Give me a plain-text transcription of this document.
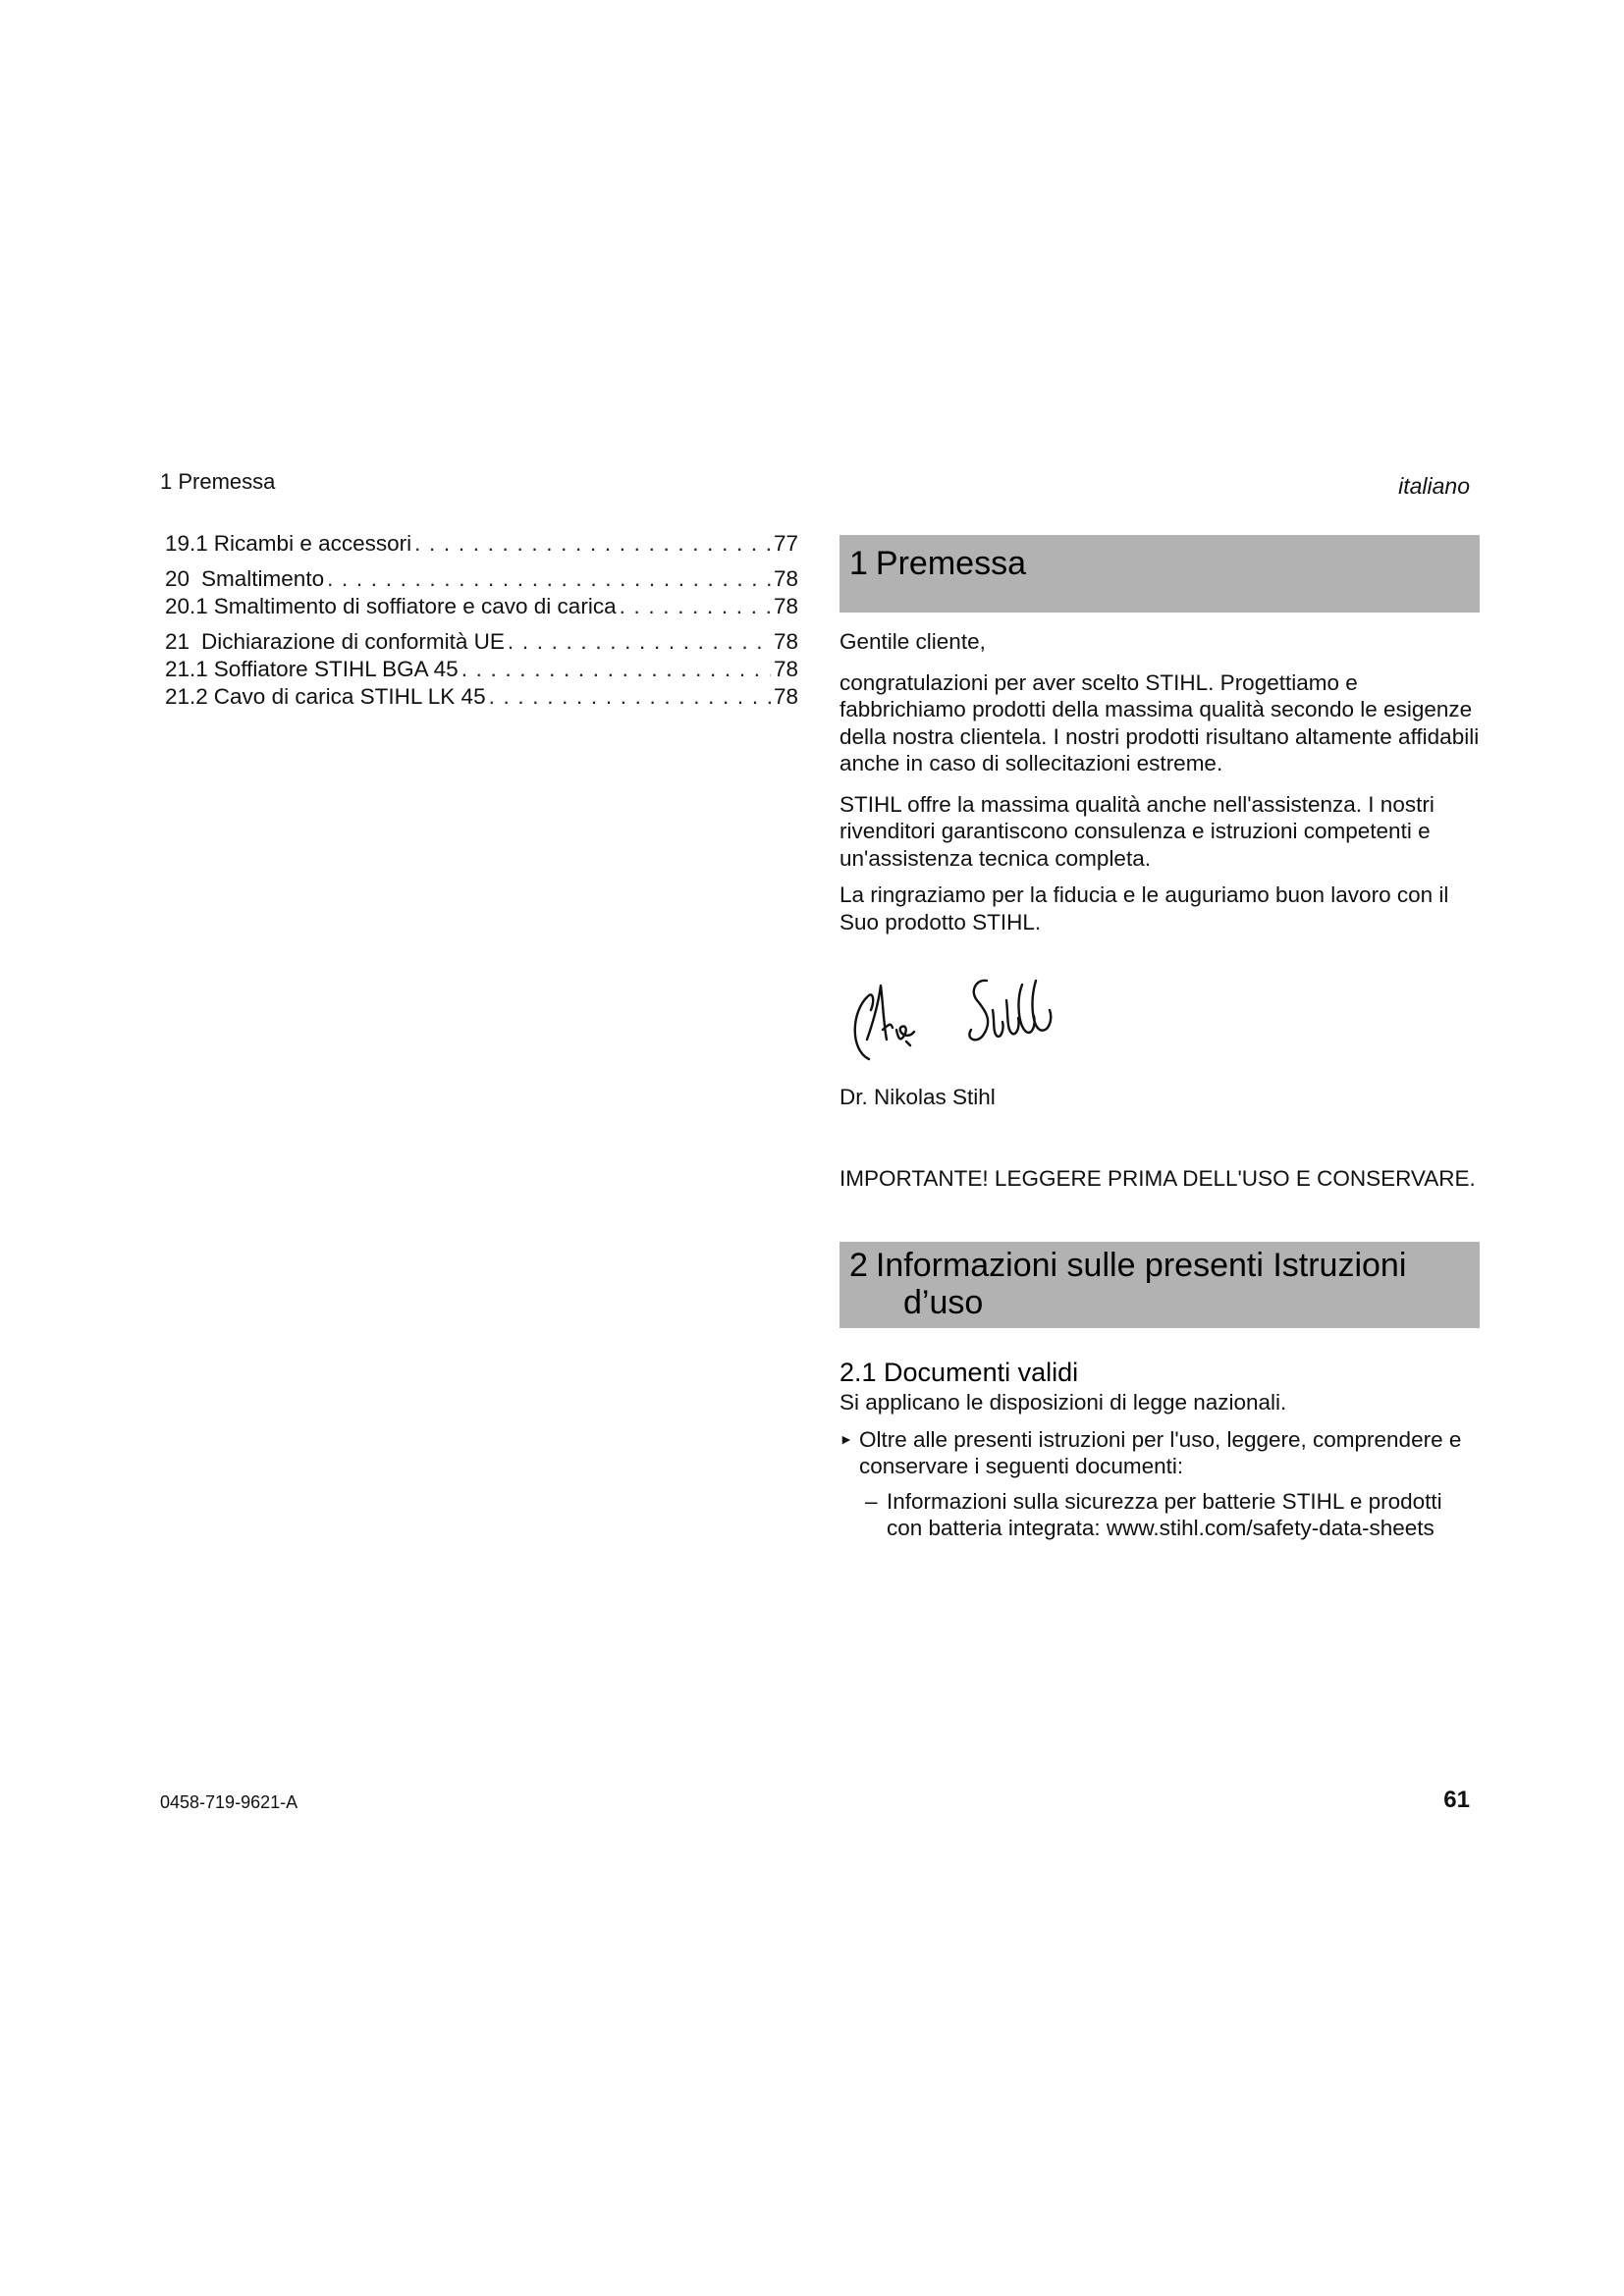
1 Premessa	italiano
19.1 Ricambi e accessori . . .	77
20 Smaltimento . . .	78
20.1 Smaltimento di soffiatore e cavo di carica . . .	78
21 Dichiarazione di conformità UE . . .	78
21.1 Soffiatore STIHL BGA 45 . . .	78
21.2 Cavo di carica STIHL LK 45 . . .	78
1 Premessa

Gentile cliente,

congratulazioni per aver scelto STIHL. Progettiamo e fabbrichiamo prodotti della massima qualità secondo le esigenze della nostra clientela. I nostri prodotti risultano altamente affidabili anche in caso di sollecitazioni estreme.

STIHL offre la massima qualità anche nell'assistenza. I nostri rivenditori garantiscono consulenza e istruzioni competenti e un'assistenza tecnica completa.

La ringraziamo per la fiducia e le auguriamo buon lavoro con il Suo prodotto STIHL.

Dr. Nikolas Stihl

IMPORTANTE! LEGGERE PRIMA DELL'USO E CONSERVARE.

2 Informazioni sulle presenti Istruzioni
d’uso
2.1 Documenti validi

Si applicano le disposizioni di legge nazionali.

► Oltre alle presenti istruzioni per l'uso, leggere, comprendere e conservare i seguenti documenti:
– Informazioni sulla sicurezza per batterie STIHL e prodotti con batteria integrata: www.stihl.com/safety-data-sheets
0458-719-9621-A	61
